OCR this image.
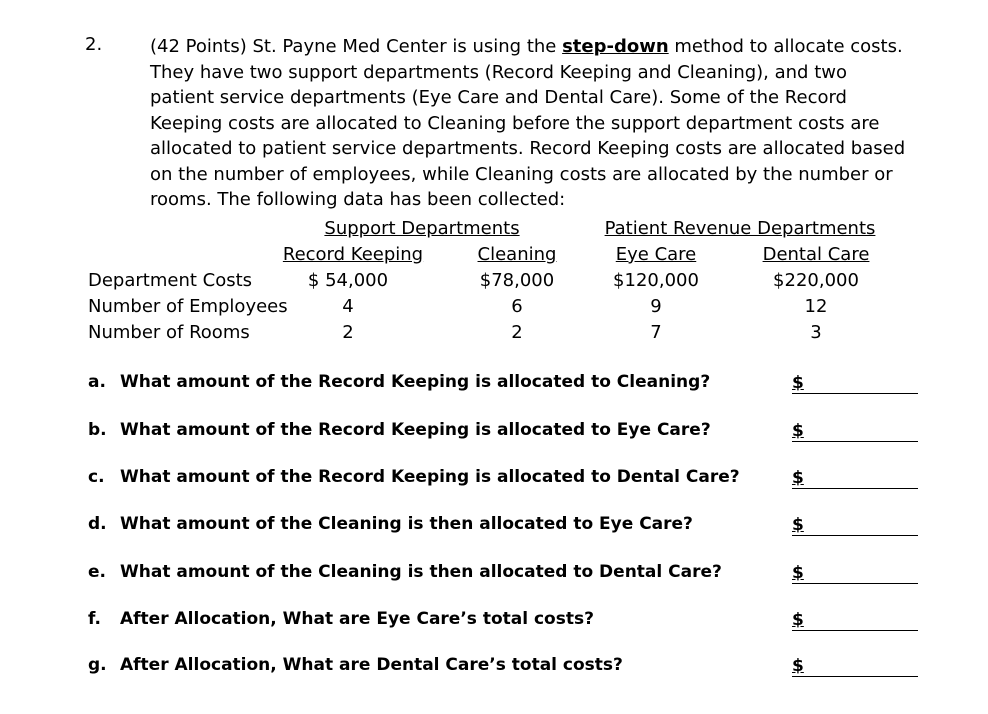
2.	(42 Points) St. Payne Med Center is using the step-down method to allocate costs.
They have two support departments (Record Keeping and Cleaning), and two
patient service departments (Eye Care and Dental Care). Some of the Record
Keeping costs are allocated to Cleaning before the support department costs are
allocated to patient service departments. Record Keeping costs are allocated based
on the number of employees, while Cleaning costs are allocated by the number or
rooms. The following data has been collected:
Support Departments	Patient Revenue Departments
Record Keeping	Cleaning	Eye Care	Dental Care
Department Costs	$ 54,000	$78,000	$120,000	$220,000
Number of Employees	4	6	9	12
Number of Rooms	2	2	7	3
a. What amount of the Record Keeping is allocated to Cleaning?	$
b. What amount of the Record Keeping is allocated to Eye Care?	$
c. What amount of the Record Keeping is allocated to Dental Care?	$
d. What amount of the Cleaning is then allocated to Eye Care?	$
e. What amount of the Cleaning is then allocated to Dental Care?	$
f. After Allocation, What are Eye Care’s total costs?	$
g. After Allocation, What are Dental Care’s total costs?	$
